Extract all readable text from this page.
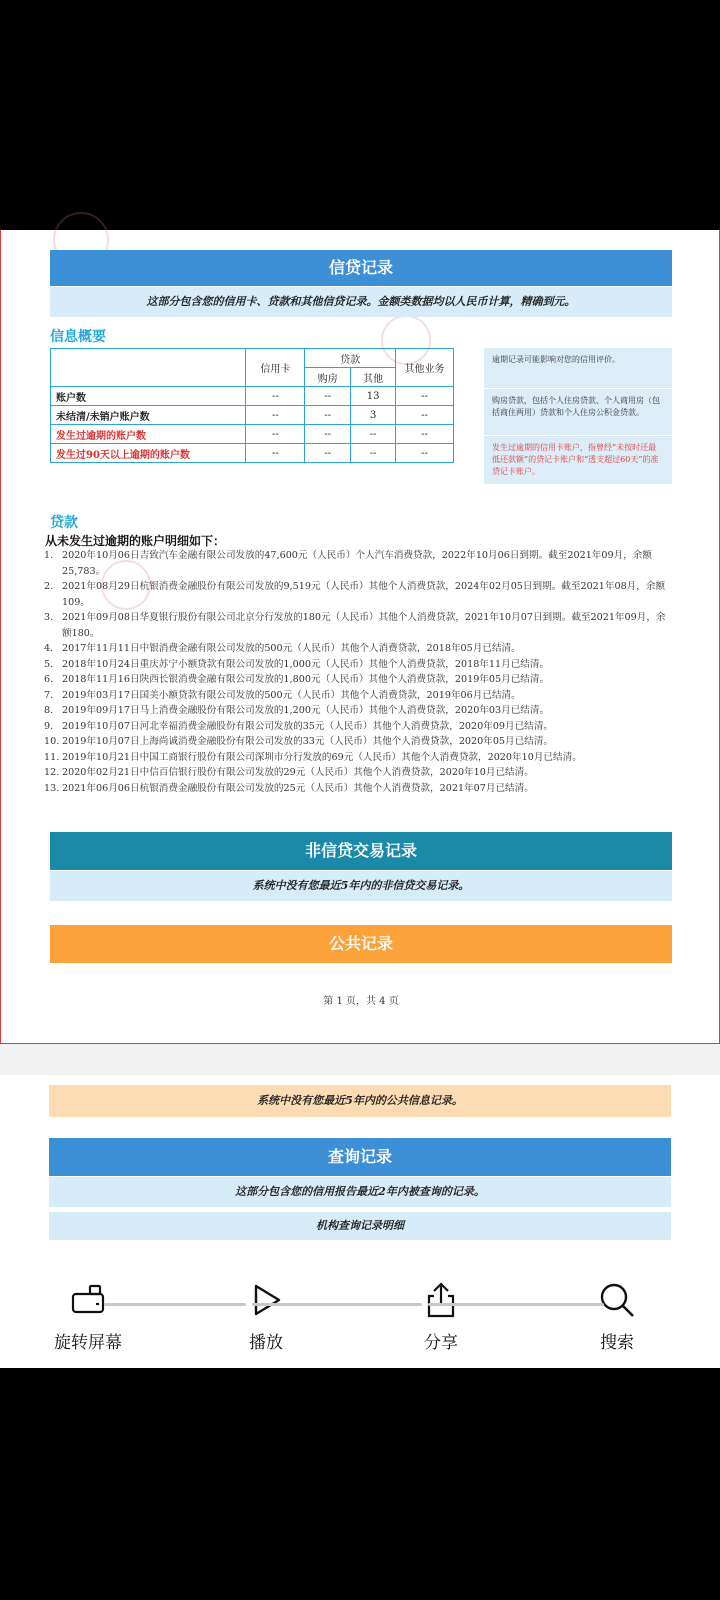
信贷记录
这部分包含您的信用卡、贷款和其他信贷记录。金额类数据均以人民币计算，精确到元。
信息概要
	信用卡	贷款		其他业务
		购房	其他	
账户数	--	--	13	--
未结清/未销户账户数	--	--	3	--
发生过逾期的账户数	--	--	--	--
发生过90天以上逾期的账户数	--	--	--	--
逾期记录可能影响对您的信用评价。
购房贷款，包括个人住房贷款、个人商用房（包括商住两用）贷款和个人住房公积金贷款。
发生过逾期的信用卡账户，指曾经“未按时还最低还款额”的贷记卡账户和“透支超过60天”的准贷记卡账户。
贷款
从未发生过逾期的账户明细如下：
1. 2020年10月06日吉致汽车金融有限公司发放的47,600元（人民币）个人汽车消费贷款，2022年10月06日到期。截至2021年09月，余额25,783。
2. 2021年08月29日杭银消费金融股份有限公司发放的9,519元（人民币）其他个人消费贷款，2024年02月05日到期。截至2021年08月，余额109。
3. 2021年09月08日华夏银行股份有限公司北京分行发放的180元（人民币）其他个人消费贷款，2021年10月07日到期。截至2021年09月，余额180。
4. 2017年11月11日中银消费金融有限公司发放的500元（人民币）其他个人消费贷款，2018年05月已结清。
5. 2018年10月24日重庆苏宁小额贷款有限公司发放的1,000元（人民币）其他个人消费贷款，2018年11月已结清。
6. 2018年11月16日陕西长银消费金融有限公司发放的1,800元（人民币）其他个人消费贷款，2019年05月已结清。
7. 2019年03月17日国美小额贷款有限公司发放的500元（人民币）其他个人消费贷款，2019年06月已结清。
8. 2019年09月17日马上消费金融股份有限公司发放的1,200元（人民币）其他个人消费贷款，2020年03月已结清。
9. 2019年10月07日河北幸福消费金融股份有限公司发放的35元（人民币）其他个人消费贷款，2020年09月已结清。
10. 2019年10月07日上海尚诚消费金融股份有限公司发放的33元（人民币）其他个人消费贷款，2020年05月已结清。
11. 2019年10月21日中国工商银行股份有限公司深圳市分行发放的69元（人民币）其他个人消费贷款，2020年10月已结清。
12. 2020年02月21日中信百信银行股份有限公司发放的29元（人民币）其他个人消费贷款，2020年10月已结清。
13. 2021年06月06日杭银消费金融股份有限公司发放的25元（人民币）其他个人消费贷款，2021年07月已结清。
非信贷交易记录
系统中没有您最近5年内的非信贷交易记录。
公共记录
第 1 页，共 4 页
系统中没有您最近5年内的公共信息记录。
查询记录
这部分包含您的信用报告最近2年内被查询的记录。
机构查询记录明细
旋转屏幕	播放	分享	搜索
